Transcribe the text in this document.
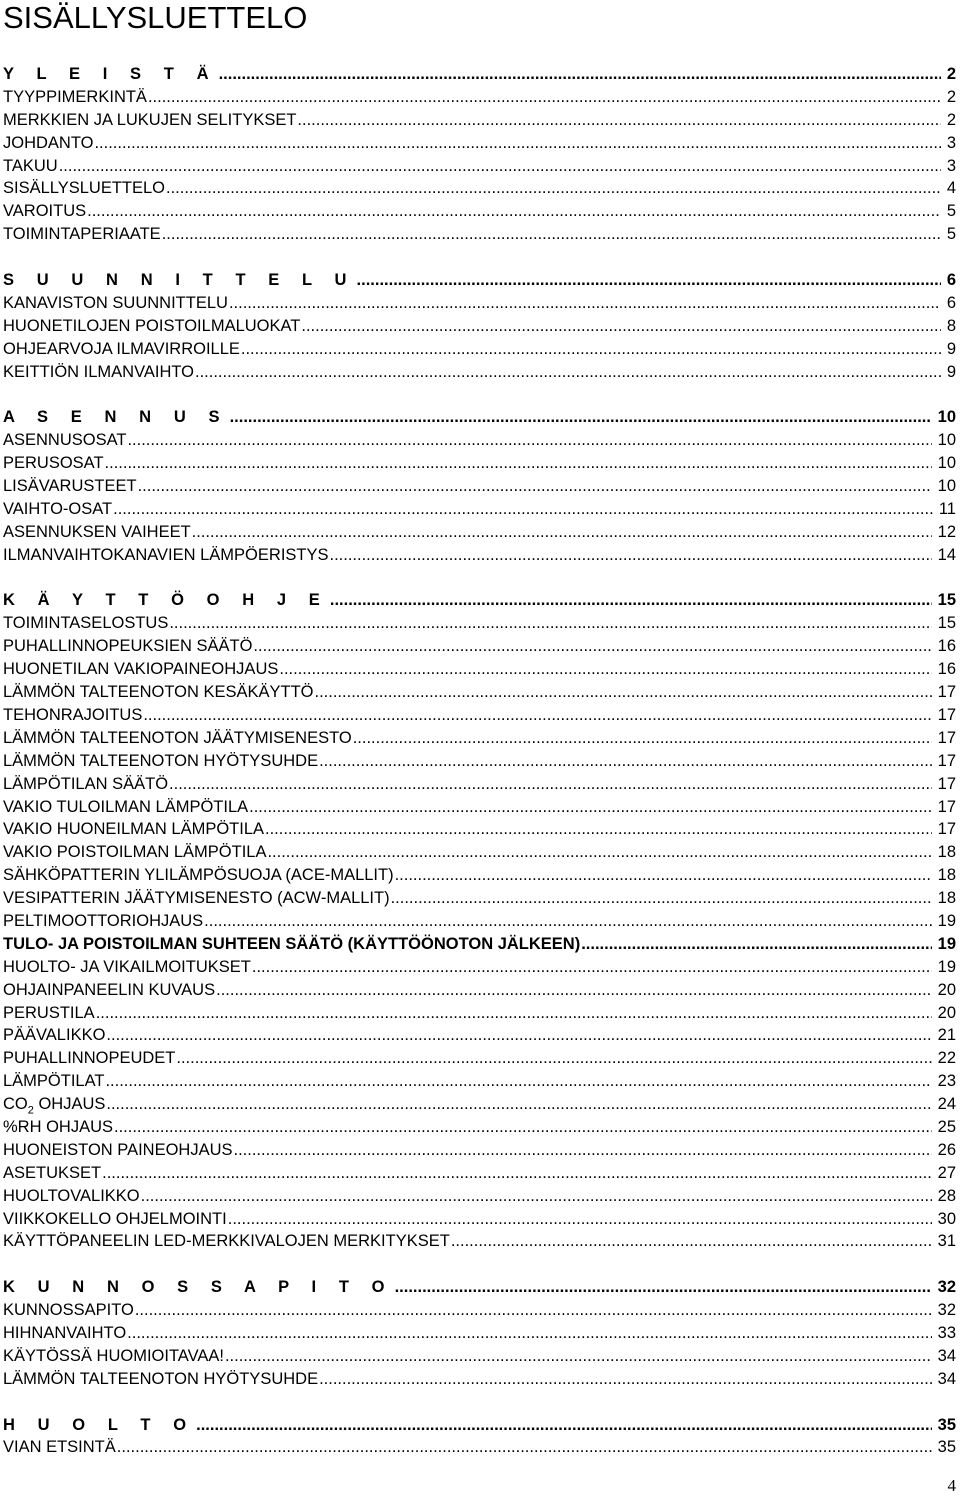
SISÄLLYSLUETTELO
Y L E I S T Ä .....	2
TYYPPIMERKINTÄ .....	2
MERKKIEN JA LUKUJEN SELITYKSET .....	2
JOHDANTO .....	3
TAKUU .....	3
SISÄLLYSLUETTELO .....	4
VAROITUS .....	5
TOIMINTAPERIAATE .....	5
S U U N N I T T E L U .....	6
KANAVISTON SUUNNITTELU .....	6
HUONETILOJEN POISTOILMALUOKAT .....	8
OHJEARVOJA ILMAVIRROILLE .....	9
KEITTIÖN ILMANVAIHTO .....	9
A S E N N U S .....	10
ASENNUSOSAT .....	10
PERUSOSAT .....	10
LISÄVARUSTEET .....	10
VAIHTO-OSAT .....	11
ASENNUKSEN VAIHEET .....	12
ILMANVAIHTOKANAVIEN LÄMPÖERISTYS .....	14
K Ä Y T T Ö O H J E .....	15
TOIMINTASELOSTUS .....	15
PUHALLINNOPEUKSIEN SÄÄTÖ .....	16
HUONETILAN VAKIOPAINEOHJAUS .....	16
LÄMMÖN TALTEENOTON KESÄKÄYTTÖ .....	17
TEHONRAJOITUS .....	17
LÄMMÖN TALTEENOTON JÄÄTYMISENESTO .....	17
LÄMMÖN TALTEENOTON HYÖTYSUHDE .....	17
LÄMPÖTILAN SÄÄTÖ .....	17
VAKIO TULOILMAN LÄMPÖTILA .....	17
VAKIO HUONEILMAN LÄMPÖTILA .....	17
VAKIO POISTOILMAN LÄMPÖTILA .....	18
SÄHKÖPATTERIN YLILÄMPÖSUOJA (ACE-MALLIT) .....	18
VESIPATTERIN JÄÄTYMISENESTO (ACW-MALLIT) .....	18
PELTIMOOTTORIOHJAUS .....	19
TULO- JA POISTOILMAN SUHTEEN SÄÄTÖ (KÄYTTÖÖNOTON JÄLKEEN) .....	19
HUOLTO- JA VIKAILMOITUKSET .....	19
OHJAINPANEELIN KUVAUS .....	20
PERUSTILA .....	20
PÄÄVALIKKO .....	21
PUHALLINNOPEUDET .....	22
LÄMPÖTILAT .....	23
$CO_2$ OHJAUS .....	24
%RH OHJAUS .....	25
HUONEISTON PAINEOHJAUS .....	26
ASETUKSET .....	27
HUOLTOVALIKKO .....	28
VIIKKOKELLO OHJELMOINTI .....	30
KÄYTTÖPANEELIN LED-MERKKIVALOJEN MERKITYKSET .....	31
K U N N O S S A P I T O .....	32
KUNNOSSAPITO .....	32
HIHNANVAIHTO .....	33
KÄYTÖSSÄ HUOMIOITAVAA! .....	34
LÄMMÖN TALTEENOTON HYÖTYSUHDE .....	34
H U O L T O .....	35
VIAN ETSINTÄ .....	35
4
